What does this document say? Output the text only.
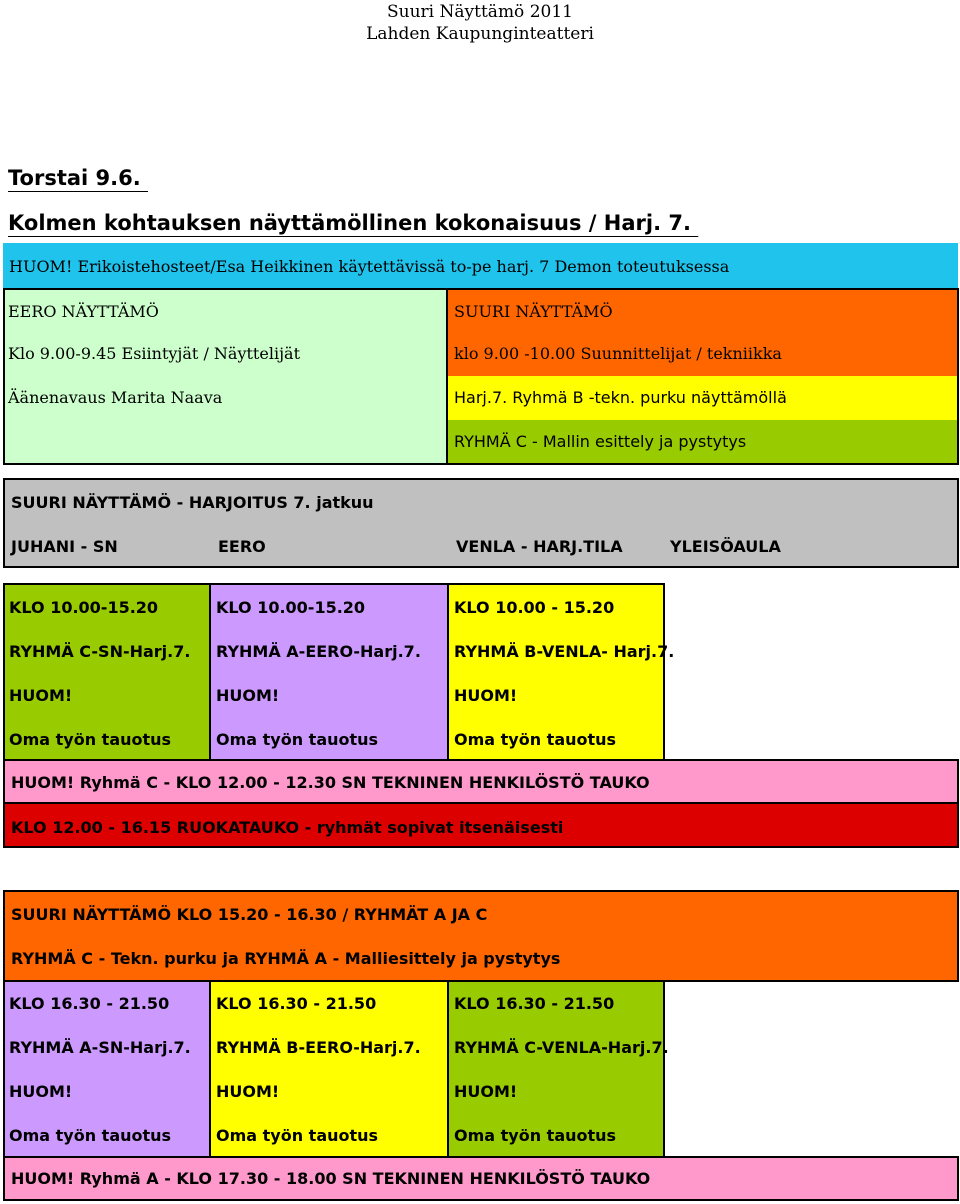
Suuri Näyttämö 2011
Lahden Kaupunginteatteri
Torstai 9.6.
Kolmen kohtauksen näyttämöllinen kokonaisuus / Harj. 7.
HUOM! Erikoistehosteet/Esa Heikkinen käytettävissä to-pe harj. 7 Demon toteutuksessa
EERO NÄYTTÄMÖ
Klo 9.00-9.45 Esiintyjät / Näyttelijät
Äänenavaus Marita Naava
SUURI NÄYTTÄMÖ
klo 9.00 -10.00 Suunnittelijat / tekniikka
Harj.7. Ryhmä B -tekn. purku näyttämöllä
RYHMÄ C - Mallin esittely ja pystytys
SUURI NÄYTTÄMÖ - HARJOITUS 7. jatkuu
JUHANI - SN	EERO	VENLA - HARJ.TILA	YLEISÖAULA
KLO 10.00-15.20
RYHMÄ C-SN-Harj.7.
HUOM!
Oma työn tauotus
KLO 10.00-15.20
RYHMÄ A-EERO-Harj.7.
HUOM!
Oma työn tauotus
KLO 10.00 - 15.20
RYHMÄ B-VENLA- Harj.7.
HUOM!
Oma työn tauotus
HUOM! Ryhmä C - KLO 12.00 - 12.30 SN TEKNINEN HENKILÖSTÖ TAUKO
KLO 12.00 - 16.15 RUOKATAUKO - ryhmät sopivat itsenäisesti
SUURI NÄYTTÄMÖ KLO 15.20 - 16.30 / RYHMÄT A JA C
RYHMÄ C - Tekn. purku ja RYHMÄ A - Malliesittely ja pystytys
KLO 16.30 - 21.50
RYHMÄ A-SN-Harj.7.
HUOM!
Oma työn tauotus
KLO 16.30 - 21.50
RYHMÄ B-EERO-Harj.7.
HUOM!
Oma työn tauotus
KLO 16.30 - 21.50
RYHMÄ C-VENLA-Harj.7.
HUOM!
Oma työn tauotus
HUOM! Ryhmä A - KLO 17.30 - 18.00 SN TEKNINEN HENKILÖSTÖ TAUKO
